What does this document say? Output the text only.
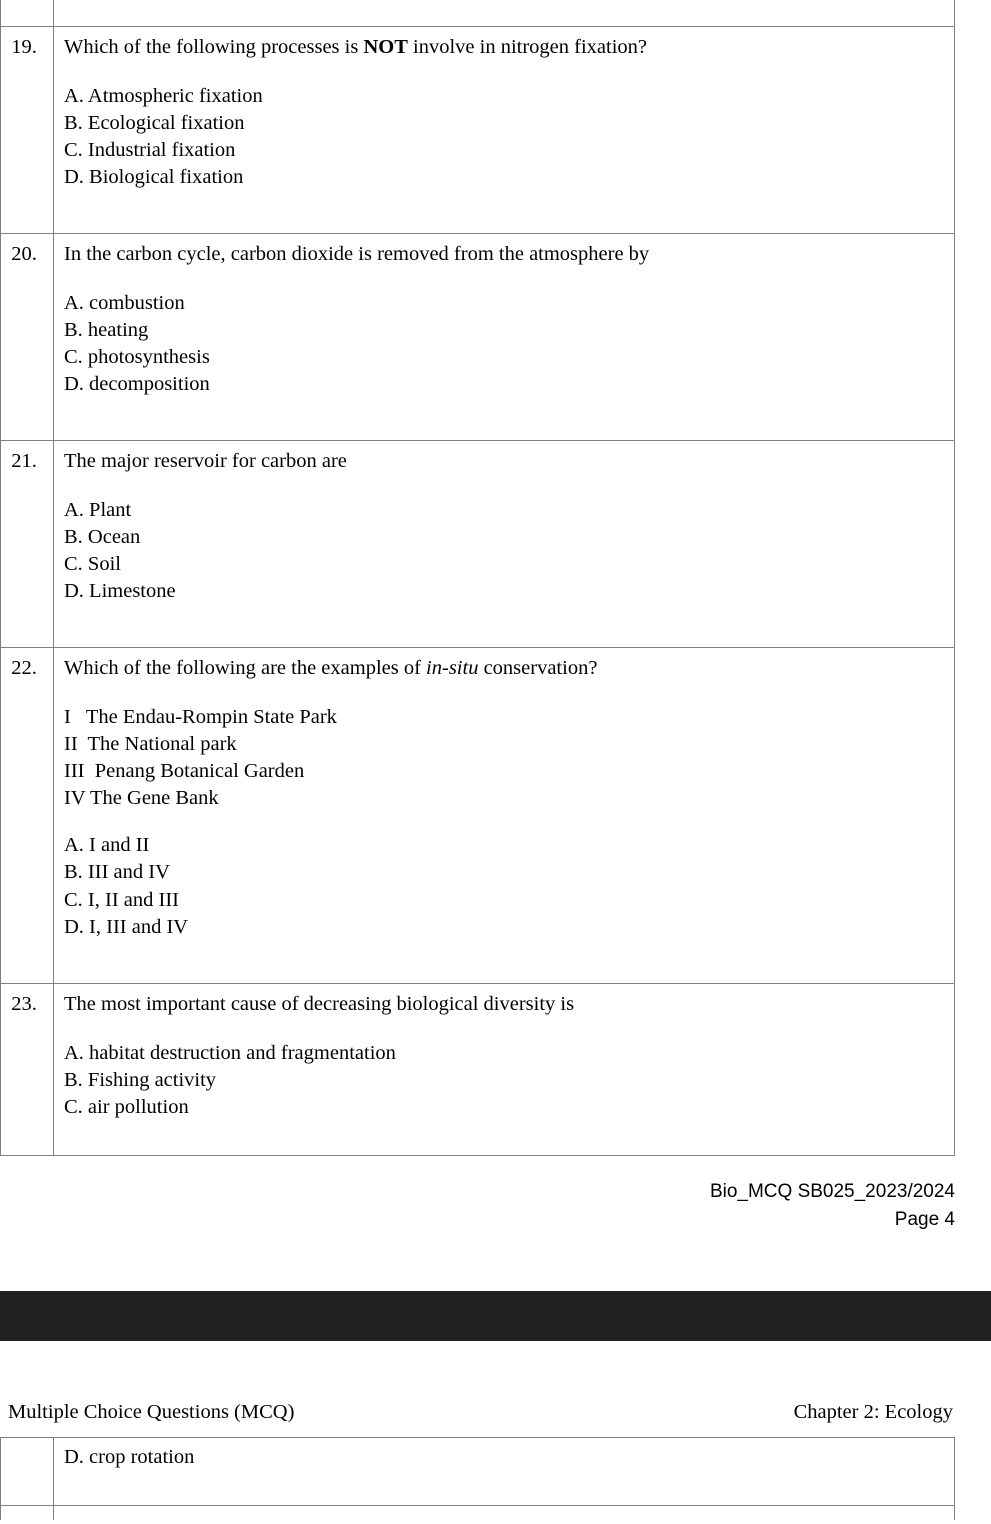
19.	Which of the following processes is NOT involve in nitrogen fixation?

A. Atmospheric fixation

B. Ecological fixation

C. Industrial fixation

D. Biological fixation

20.	In the carbon cycle, carbon dioxide is removed from the atmosphere by

A. combustion

B. heating

C. photosynthesis

D. decomposition

21.	The major reservoir for carbon are

A. Plant

B. Ocean

C. Soil

D. Limestone

22.	Which of the following are the examples of in-situ conservation?

I   The Endau-Rompin State Park

II  The National park

III  Penang Botanical Garden

IV The Gene Bank

A. I and II

B. III and IV

C. I, II and III

D. I, III and IV

23.	The most important cause of decreasing biological diversity is

A. habitat destruction and fragmentation

B. Fishing activity

C. air pollution

Bio_MCQ SB025_2023/2024
Page 4
Multiple Choice Questions (MCQ)	Chapter 2: Ecology

	D. crop rotation
